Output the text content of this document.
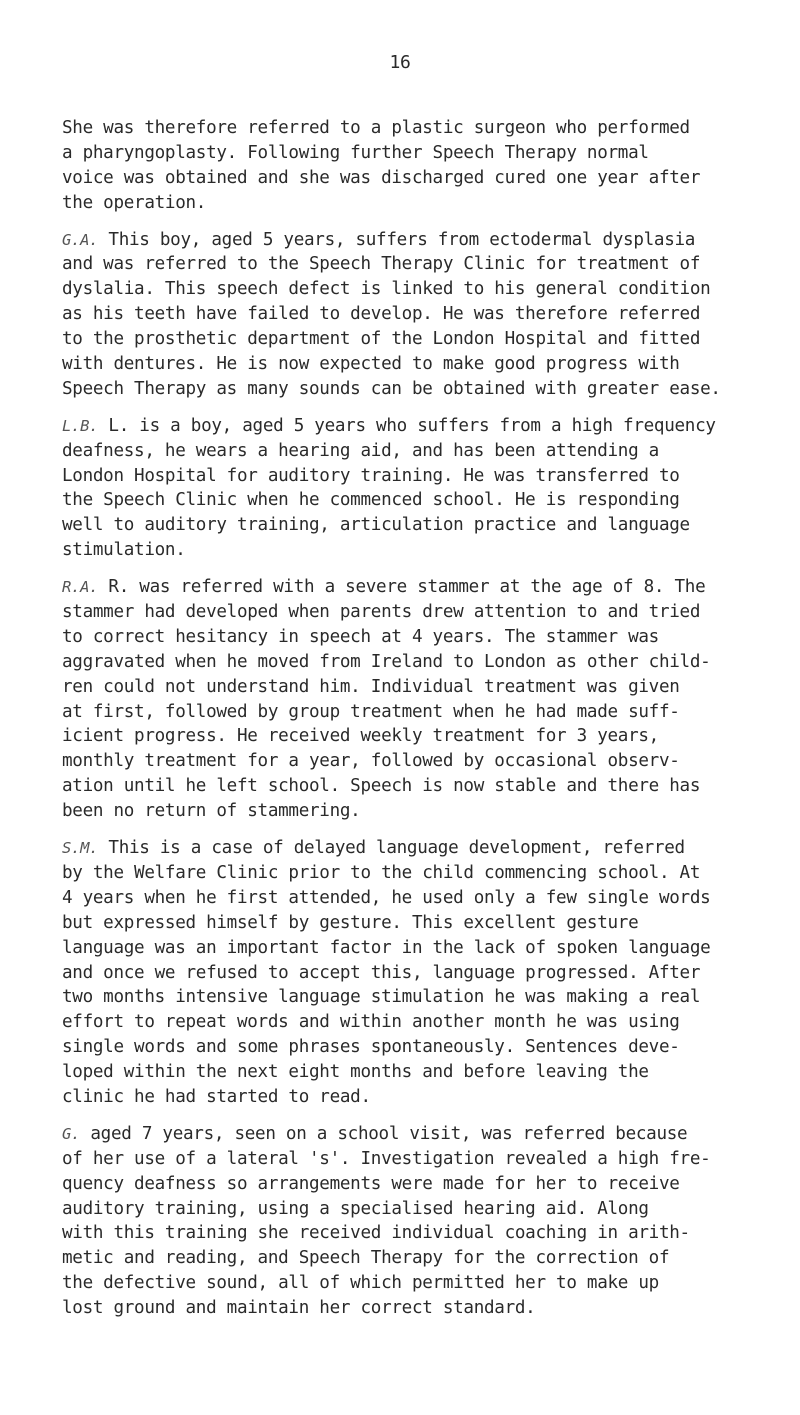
16
She was therefore referred to a plastic surgeon who performed
a pharyngoplasty. Following further Speech Therapy normal
voice was obtained and she was discharged cured one year after
the operation.
G.A. This boy, aged 5 years, suffers from ectodermal dysplasia
and was referred to the Speech Therapy Clinic for treatment of
dyslalia. This speech defect is linked to his general condition
as his teeth have failed to develop. He was therefore referred
to the prosthetic department of the London Hospital and fitted
with dentures. He is now expected to make good progress with
Speech Therapy as many sounds can be obtained with greater ease.
L.B. L. is a boy, aged 5 years who suffers from a high frequency
deafness, he wears a hearing aid, and has been attending a
London Hospital for auditory training. He was transferred to
the Speech Clinic when he commenced school. He is responding
well to auditory training, articulation practice and language
stimulation.
R.A. R. was referred with a severe stammer at the age of 8. The
stammer had developed when parents drew attention to and tried
to correct hesitancy in speech at 4 years. The stammer was
aggravated when he moved from Ireland to London as other child-
ren could not understand him. Individual treatment was given
at first, followed by group treatment when he had made suff-
icient progress. He received weekly treatment for 3 years,
monthly treatment for a year, followed by occasional observ-
ation until he left school. Speech is now stable and there has
been no return of stammering.
S.M. This is a case of delayed language development, referred
by the Welfare Clinic prior to the child commencing school. At
4 years when he first attended, he used only a few single words
but expressed himself by gesture. This excellent gesture
language was an important factor in the lack of spoken language
and once we refused to accept this, language progressed. After
two months intensive language stimulation he was making a real
effort to repeat words and within another month he was using
single words and some phrases spontaneously. Sentences deve-
loped within the next eight months and before leaving the
clinic he had started to read.
G. aged 7 years, seen on a school visit, was referred because
of her use of a lateral 's'. Investigation revealed a high fre-
quency deafness so arrangements were made for her to receive
auditory training, using a specialised hearing aid. Along
with this training she received individual coaching in arith-
metic and reading, and Speech Therapy for the correction of
the defective sound, all of which permitted her to make up
lost ground and maintain her correct standard.
